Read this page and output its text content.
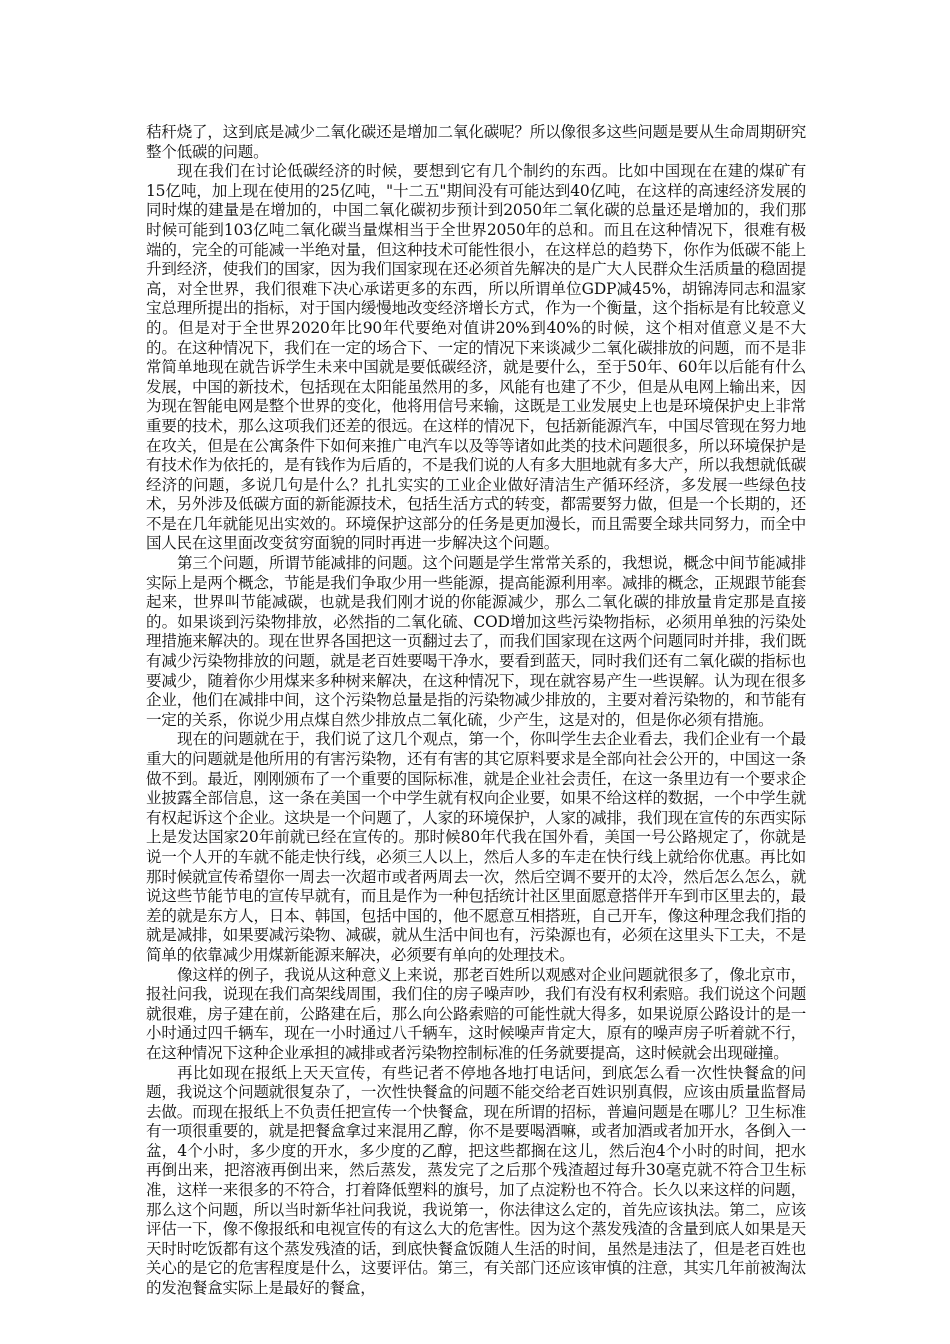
秸秆烧了，这到底是减少二氧化碳还是增加二氧化碳呢？所以像很多这些问题是要从生命周期研究整个低碳的问题。

现在我们在讨论低碳经济的时候，要想到它有几个制约的东西。比如中国现在在建的煤矿有15亿吨，加上现在使用的25亿吨，"十二五"期间没有可能达到40亿吨，在这样的高速经济发展的同时煤的建量是在增加的，中国二氧化碳初步预计到2050年二氧化碳的总量还是增加的，我们那时候可能到103亿吨二氧化碳当量煤相当于全世界2050年的总和。而且在这种情况下，很难有极端的，完全的可能减一半绝对量，但这种技术可能性很小，在这样总的趋势下，你作为低碳不能上升到经济，使我们的国家，因为我们国家现在还必须首先解决的是广大人民群众生活质量的稳固提高，对全世界，我们很难下决心承诺更多的东西，所以所谓单位GDP减45%，胡锦涛同志和温家宝总理所提出的指标，对于国内缓慢地改变经济增长方式，作为一个衡量，这个指标是有比较意义的。但是对于全世界2020年比90年代要绝对值讲20%到40%的时候，这个相对值意义是不大的。在这种情况下，我们在一定的场合下、一定的情况下来谈减少二氧化碳排放的问题，而不是非常简单地现在就告诉学生未来中国就是要低碳经济，就是要什么，至于50年、60年以后能有什么发展，中国的新技术，包括现在太阳能虽然用的多，风能有也建了不少，但是从电网上输出来，因为现在智能电网是整个世界的变化，他将用信号来输，这既是工业发展史上也是环境保护史上非常重要的技术，那么这项我们还差的很远。在这样的情况下，包括新能源汽车，中国尽管现在努力地在攻关，但是在公寓条件下如何来推广电汽车以及等等诸如此类的技术问题很多，所以环境保护是有技术作为依托的，是有钱作为后盾的，不是我们说的人有多大胆地就有多大产，所以我想就低碳经济的问题，多说几句是什么？扎扎实实的工业企业做好清洁生产循环经济，多发展一些绿色技术，另外涉及低碳方面的新能源技术，包括生活方式的转变，都需要努力做，但是一个长期的，还不是在几年就能见出实效的。环境保护这部分的任务是更加漫长，而且需要全球共同努力，而全中国人民在这里面改变贫穷面貌的同时再进一步解决这个问题。

第三个问题，所谓节能减排的问题。这个问题是学生常常关系的，我想说，概念中间节能减排实际上是两个概念，节能是我们争取少用一些能源，提高能源利用率。减排的概念，正规跟节能套起来，世界叫节能减碳，也就是我们刚才说的你能源减少，那么二氧化碳的排放量肯定那是直接的。如果谈到污染物排放，必然指的二氧化硫、COD增加这些污染物指标，必须用单独的污染处理措施来解决的。现在世界各国把这一页翻过去了，而我们国家现在这两个问题同时并排，我们既有减少污染物排放的问题，就是老百姓要喝干净水，要看到蓝天，同时我们还有二氧化碳的指标也要减少，随着你少用煤来多种树来解决，在这种情况下，现在就容易产生一些误解。认为现在很多企业，他们在减排中间，这个污染物总量是指的污染物减少排放的，主要对着污染物的，和节能有一定的关系，你说少用点煤自然少排放点二氧化硫，少产生，这是对的，但是你必须有措施。

现在的问题就在于，我们说了这几个观点，第一个，你叫学生去企业看去，我们企业有一个最重大的问题就是他所用的有害污染物，还有有害的其它原料要求是全部向社会公开的，中国这一条做不到。最近，刚刚颁布了一个重要的国际标准，就是企业社会责任，在这一条里边有一个要求企业披露全部信息，这一条在美国一个中学生就有权向企业要，如果不给这样的数据，一个中学生就有权起诉这个企业。这块是一个问题了，人家的环境保护，人家的减排，我们现在宣传的东西实际上是发达国家20年前就已经在宣传的。那时候80年代我在国外看，美国一号公路规定了，你就是说一个人开的车就不能走快行线，必须三人以上，然后人多的车走在快行线上就给你优惠。再比如那时候就宣传希望你一周去一次超市或者两周去一次，然后空调不要开的太冷，然后怎么怎么，就说这些节能节电的宣传早就有，而且是作为一种包括统计社区里面愿意搭伴开车到市区里去的，最差的就是东方人，日本、韩国，包括中国的，他不愿意互相搭班，自己开车，像这种理念我们指的就是减排，如果要减污染物、减碳，就从生活中间也有，污染源也有，必须在这里头下工夫，不是简单的依靠减少用煤新能源来解决，必须要有单向的处理技术。

像这样的例子，我说从这种意义上来说，那老百姓所以观感对企业问题就很多了，像北京市，报社问我，说现在我们高架线周围，我们住的房子噪声吵，我们有没有权利索赔。我们说这个问题就很难，房子建在前，公路建在后，那么向公路索赔的可能性就大得多，如果说原公路设计的是一小时通过四千辆车，现在一小时通过八千辆车，这时候噪声肯定大，原有的噪声房子听着就不行，在这种情况下这种企业承担的减排或者污染物控制标准的任务就要提高，这时候就会出现碰撞。

再比如现在报纸上天天宣传，有些记者不停地各地打电话问，到底怎么看一次性快餐盒的问题，我说这个问题就很复杂了，一次性快餐盒的问题不能交给老百姓识别真假，应该由质量监督局去做。而现在报纸上不负责任把宣传一个快餐盒，现在所谓的招标，普遍问题是在哪儿？卫生标准有一项很重要的，就是把餐盒拿过来混用乙醇，你不是要喝酒嘛，或者加酒或者加开水，各倒入一盆，4个小时，多少度的开水，多少度的乙醇，把这些都搁在这儿，然后泡4个小时的时间，把水再倒出来，把溶液再倒出来，然后蒸发，蒸发完了之后那个残渣超过每升30毫克就不符合卫生标准，这样一来很多的不符合，打着降低塑料的旗号，加了点淀粉也不符合。长久以来这样的问题，那么这个问题，所以当时新华社问我说，我说第一，你法律这么定的，首先应该执法。第二，应该评估一下，像不像报纸和电视宣传的有这么大的危害性。因为这个蒸发残渣的含量到底人如果是天天时时吃饭都有这个蒸发残渣的话，到底快餐盒饭随人生活的时间，虽然是违法了，但是老百姓也关心的是它的危害程度是什么，这要评估。第三，有关部门还应该审慎的注意，其实几年前被淘汰的发泡餐盒实际上是最好的餐盒，
